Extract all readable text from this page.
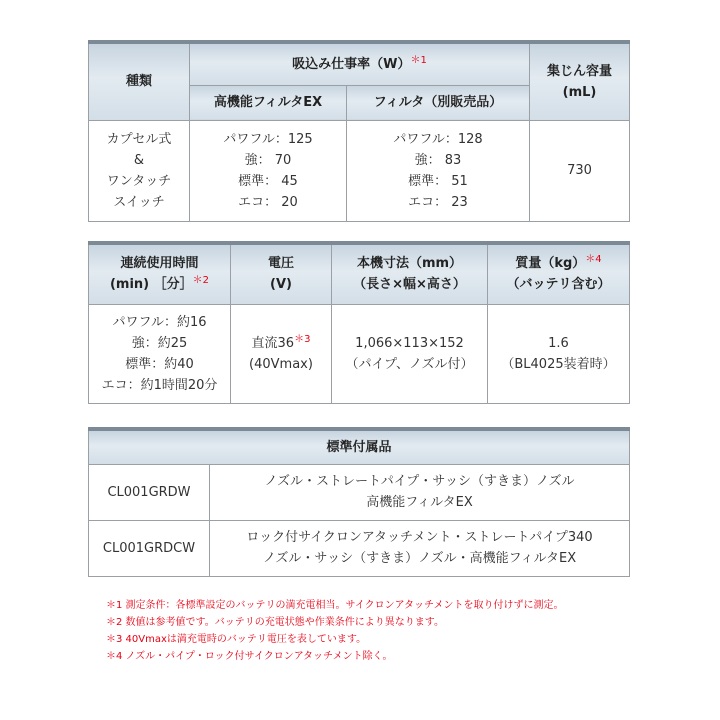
種類	吸込み仕事率$(W)^{*1}$		集じん容量
(mL)

	高機能フィルタEX	フィルタ（別販売品）	

カプセル式
&
ワンタッチ
スイッチ	パワフル：125
強： 70
標準： 45
エコ： 20	パワフル：128
強： 83
標準： 51
エコ： 23	730
連続使用時間
(min) ［分］$^{*2}$	電圧
(V)	本機寸法（mm）
（長さ×幅×高さ）	質量（kg）$^{*4}$
（バッテリ含む）

パワフル：約16
強：約25
標準：約40
エコ：約1時間20分	直流$36^{*3}$
(40Vmax)	1,066×113×152
（パイプ、ノズル付）	1.6
（BL4025装着時）
標準付属品	
CL001GRDW	ノズル・ストレートパイプ・サッシ（すきま）ノズル
高機能フィルタEX

CL001GRDCW	ロック付サイクロンアタッチメント・ストレートパイプ340
ノズル・サッシ（すきま）ノズル・高機能フィルタEX
＊1 測定条件：各標準設定のバッテリの満充電相当。サイクロンアタッチメントを取り付けずに測定。
＊2 数値は参考値です。バッテリの充電状態や作業条件により異なります。
＊3 40Vmaxは満充電時のバッテリ電圧を表しています。
＊4 ノズル・パイプ・ロック付サイクロンアタッチメント除く。
